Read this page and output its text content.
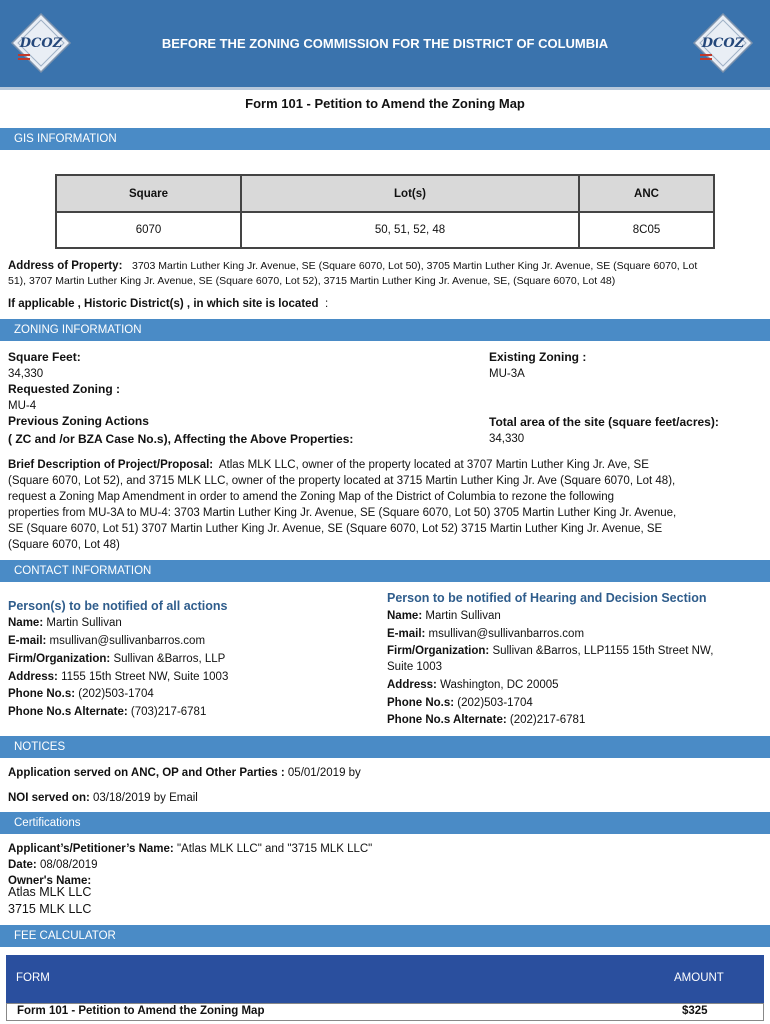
DCOZ	BEFORE THE ZONING COMMISSION FOR THE DISTRICT OF COLUMBIA	DCOZ
Form 101 - Petition to Amend the Zoning Map
GIS INFORMATION
Square	Lot(s)	ANC
6070	50, 51, 52, 48	8C05
Address of Property: 3703 Martin Luther King Jr. Avenue, SE (Square 6070, Lot 50), 3705 Martin Luther King Jr. Avenue, SE (Square 6070, Lot
51), 3707 Martin Luther King Jr. Avenue, SE (Square 6070, Lot 52), 3715 Martin Luther King Jr. Avenue, SE, (Square 6070, Lot 48)
If applicable , Historic District(s) , in which site is located  :
ZONING INFORMATION
Square Feet:
34,330
Requested Zoning :
MU-4
Previous Zoning Actions
( ZC and /or BZA Case No.s), Affecting the Above Properties:
Existing Zoning :
MU-3A
Total area of the site (square feet/acres):
34,330
Brief Description of Project/Proposal: Atlas MLK LLC, owner of the property located at 3707 Martin Luther King Jr. Ave, SE
(Square 6070, Lot 52), and 3715 MLK LLC, owner of the property located at 3715 Martin Luther King Jr. Ave (Square 6070, Lot 48),
request a Zoning Map Amendment in order to amend the Zoning Map of the District of Columbia to rezone the following
properties from MU-3A to MU-4: 3703 Martin Luther King Jr. Avenue, SE (Square 6070, Lot 50) 3705 Martin Luther King Jr. Avenue,
SE (Square 6070, Lot 51) 3707 Martin Luther King Jr. Avenue, SE (Square 6070, Lot 52) 3715 Martin Luther King Jr. Avenue, SE
(Square 6070, Lot 48)
CONTACT INFORMATION
Person(s) to be notified of all actions
Name: Martin Sullivan
E-mail: msullivan@sullivanbarros.com
Firm/Organization: Sullivan &Barros, LLP
Address: 1155 15th Street NW, Suite 1003
Phone No.s: (202)503-1704
Phone No.s Alternate: (703)217-6781
Person to be notified of Hearing and Decision Section
Name: Martin Sullivan
E-mail: msullivan@sullivanbarros.com
Firm/Organization: Sullivan &Barros, LLP1155 15th Street NW,
Suite 1003
Address: Washington, DC 20005
Phone No.s: (202)503-1704
Phone No.s Alternate: (202)217-6781
NOTICES
Application served on ANC, OP and Other Parties : 05/01/2019 by
NOI served on: 03/18/2019 by Email
Certifications
Applicant’s/Petitioner’s Name: "Atlas MLK LLC" and "3715 MLK LLC"
Date: 08/08/2019
Owner's Name:
Atlas MLK LLC
3715 MLK LLC
FEE CALCULATOR
FORM	AMOUNT
Form 101 - Petition to Amend the Zoning Map	$325
